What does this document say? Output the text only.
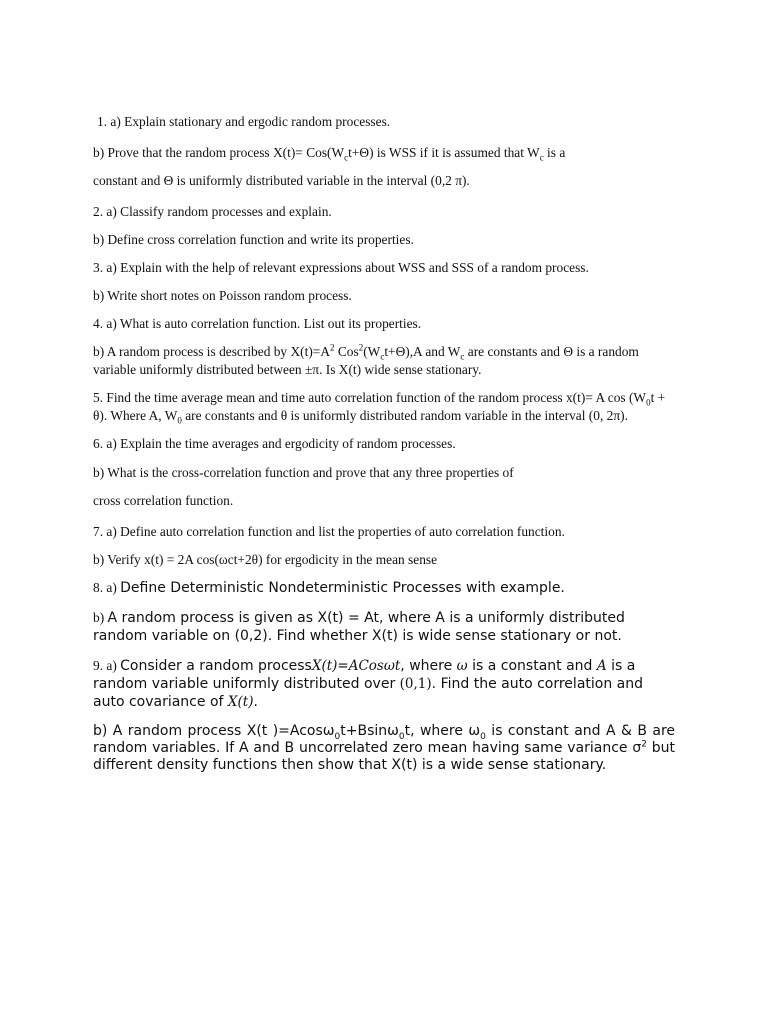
1. a) Explain stationary and ergodic random processes.

b) Prove that the random process $X(t)= Cos(W_ct+\Theta)$ is WSS if it is assumed that $W_c$ is a
constant and Θ is uniformly distributed variable in the interval (0,2 π).

2. a) Classify random processes and explain.

b) Define cross correlation function and write its properties.

3. a) Explain with the help of relevant expressions about WSS and SSS of a random process.

b) Write short notes on Poisson random process.

4. a) What is auto correlation function. List out its properties.

b) A random process is described by $X(t)=A^2$ $Cos^2(W_ct+\Theta),A$ and $W_c$ are constants and Θ is a random variable uniformly distributed between ±π. Is X(t) wide sense stationary.

5. Find the time average mean and time auto correlation function of the random process x(t)= A $\cos (W_0t + \theta)$. Where A, $W_0$ are constants and θ is uniformly distributed random variable in the interval (0, 2π).

6. a) Explain the time averages and ergodicity of random processes.

b) What is the cross-correlation function and prove that any three properties of
cross correlation function.

7. a) Define auto correlation function and list the properties of auto correlation function.

b) Verify x(t) = 2A cos(ωct+2θ) for ergodicity in the mean sense

8. a) Define Deterministic Nondeterministic Processes with example.

b) A random process is given as X(t) = At, where A is a uniformly distributed random variable on (0,2). Find whether X(t) is wide sense stationary or not.

9. a) Consider a random processX(t)=ACosωt, where ω is a constant and A is a random variable uniformly distributed over (0,1). Find the auto correlation and auto covariance of X(t).

b) A random process X(t )=Acosω$_0$t+Bsinω$_0$t, where $\omega_0$ is constant and A & B are random variables. If A and B uncorrelated zero mean having same variance $\sigma^2$ but different density functions then show that X(t) is a wide sense stationary.
